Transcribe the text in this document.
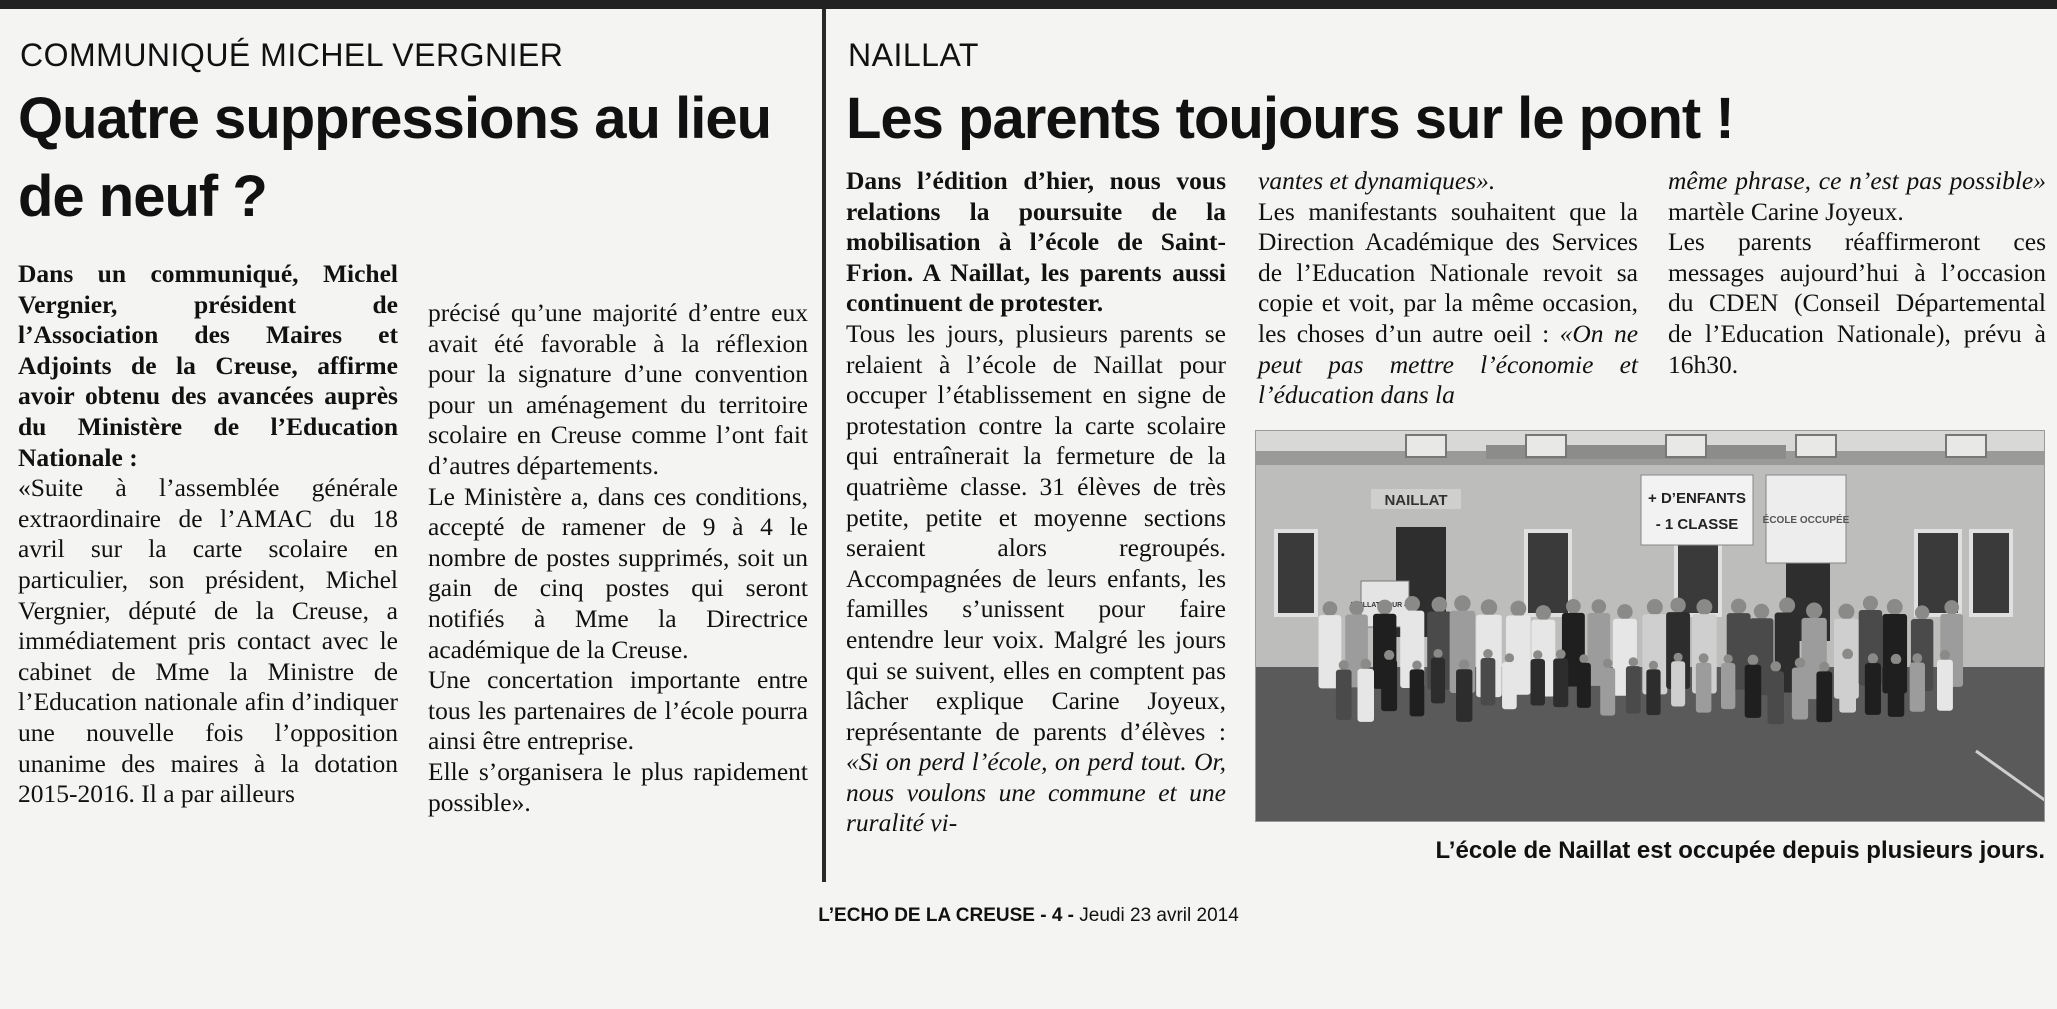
COMMUNIQUÉ MICHEL VERGNIER
Quatre suppressions au lieu
de neuf ?

Dans un communiqué, Michel Vergnier, président de l’Association des Maires et Adjoints de la Creuse, affirme avoir obtenu des avancées auprès du Ministère de l’Education Nationale :

«Suite à l’assemblée générale extraordinaire de l’AMAC du 18 avril sur la carte scolaire en particulier, son président, Michel Vergnier, député de la Creuse, a immédiatement pris contact avec le cabinet de Mme la Ministre de l’Education nationale afin d’indiquer une nouvelle fois l’opposition unanime des maires à la dotation 2015-2016. Il a par ailleurs

précisé qu’une majorité d’entre eux avait été favorable à la réflexion pour la signature d’une convention pour un aménagement du territoire scolaire en Creuse comme l’ont fait d’autres départements.

Le Ministère a, dans ces conditions, accepté de ramener de 9 à 4 le nombre de postes supprimés, soit un gain de cinq postes qui seront notifiés à Mme la Directrice académique de la Creuse.

Une concertation importante entre tous les partenaires de l’école pourra ainsi être entreprise.

Elle s’organisera le plus rapidement possible».

NAILLAT
Les parents toujours sur le pont !

Dans l’édition d’hier, nous vous relations la poursuite de la mobilisation à l’école de Saint-Frion. A Naillat, les parents aussi continuent de protester.

Tous les jours, plusieurs parents se relaient à l’école de Naillat pour occuper l’établissement en signe de protestation contre la carte scolaire qui entraînerait la fermeture de la quatrième classe. 31 élèves de très petite, petite et moyenne sections seraient alors regroupés. Accompagnées de leurs enfants, les familles s’unissent pour faire entendre leur voix. Malgré les jours qui se suivent, elles en comptent pas lâcher explique Carine Joyeux, représentante de parents d’élèves : «Si on perd l’école, on perd tout. Or, nous voulons une commune et une ruralité vi-

vantes et dynamiques».

Les manifestants souhaitent que la Direction Académique des Services de l’Education Nationale revoit sa copie et voit, par la même occasion, les choses d’un autre oeil : «On ne peut pas mettre l’économie et l’éducation dans la

même phrase, ce n’est pas possible» martèle Carine Joyeux.

Les parents réaffirmeront ces messages aujourd’hui à l’occasion du CDEN (Conseil Départemental de l’Education Nationale), prévu à 16h30.

NAILLAT	+ D’ENFANTS
- 1 CLASSE ÉCOLE OCCUPÉE
NAILLAT POUR
L’école de Naillat est occupée depuis plusieurs jours.
L’ECHO DE LA CREUSE - 4 - Jeudi 23 avril 2014
